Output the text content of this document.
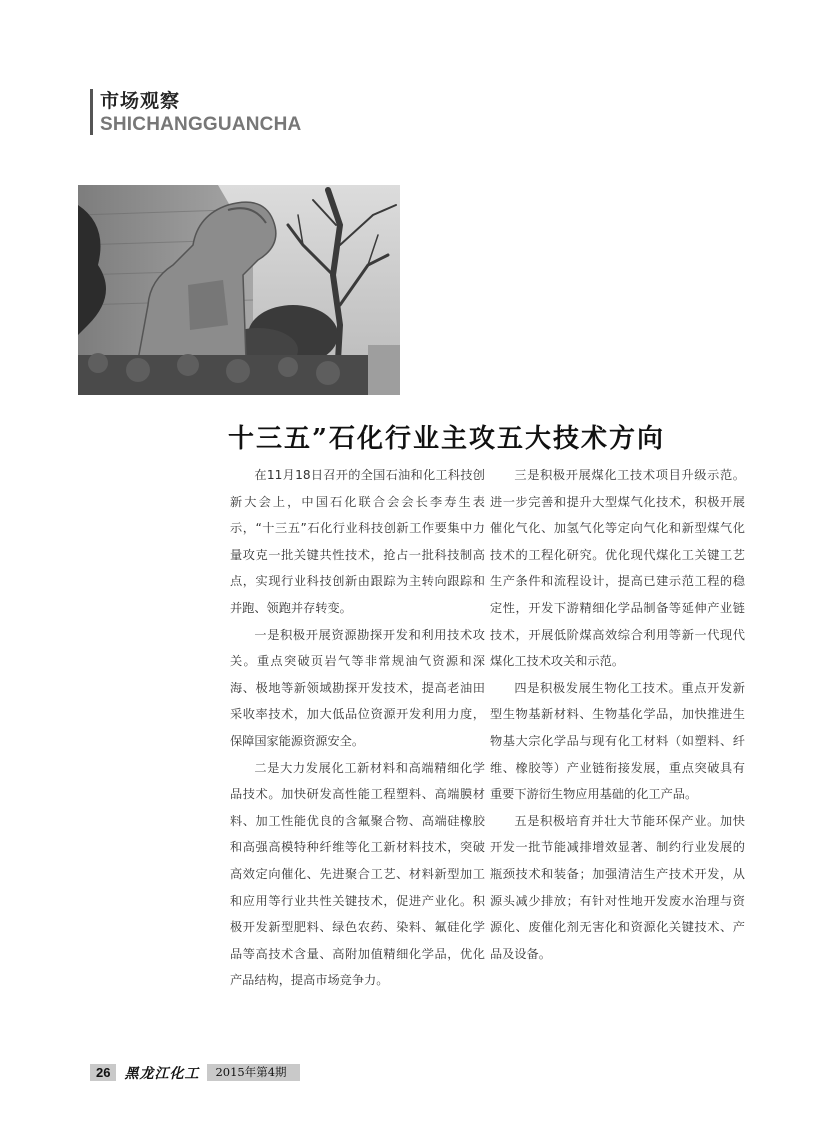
市场观察
SHICHANGGUANCHA
十三五”石化行业主攻五大技术方向

在11月18日召开的全国石油和化工科技创新大会上，中国石化联合会会长李寿生表示，“十三五”石化行业科技创新工作要集中力量攻克一批关键共性技术，抢占一批科技制高点，实现行业科技创新由跟踪为主转向跟踪和并跑、领跑并存转变。

一是积极开展资源勘探开发和利用技术攻关。重点突破页岩气等非常规油气资源和深海、极地等新领域勘探开发技术，提高老油田采收率技术，加大低品位资源开发利用力度，保障国家能源资源安全。

二是大力发展化工新材料和高端精细化学品技术。加快研发高性能工程塑料、高端膜材料、加工性能优良的含氟聚合物、高端硅橡胶和高强高模特种纤维等化工新材料技术，突破高效定向催化、先进聚合工艺、材料新型加工和应用等行业共性关键技术，促进产业化。积极开发新型肥料、绿色农药、染料、氟硅化学品等高技术含量、高附加值精细化学品，优化产品结构，提高市场竞争力。

三是积极开展煤化工技术项目升级示范。进一步完善和提升大型煤气化技术，积极开展催化气化、加氢气化等定向气化和新型煤气化技术的工程化研究。优化现代煤化工关键工艺生产条件和流程设计，提高已建示范工程的稳定性，开发下游精细化学品制备等延伸产业链技术，开展低阶煤高效综合利用等新一代现代煤化工技术攻关和示范。

四是积极发展生物化工技术。重点开发新型生物基新材料、生物基化学品，加快推进生物基大宗化学品与现有化工材料（如塑料、纤维、橡胶等）产业链衔接发展，重点突破具有重要下游衍生物应用基础的化工产品。

五是积极培育并壮大节能环保产业。加快开发一批节能减排增效显著、制约行业发展的瓶颈技术和装备；加强清洁生产技术开发，从源头减少排放；有针对性地开发废水治理与资源化、废催化剂无害化和资源化关键技术、产品及设备。

26	黑龙江化工	2015年第4期
